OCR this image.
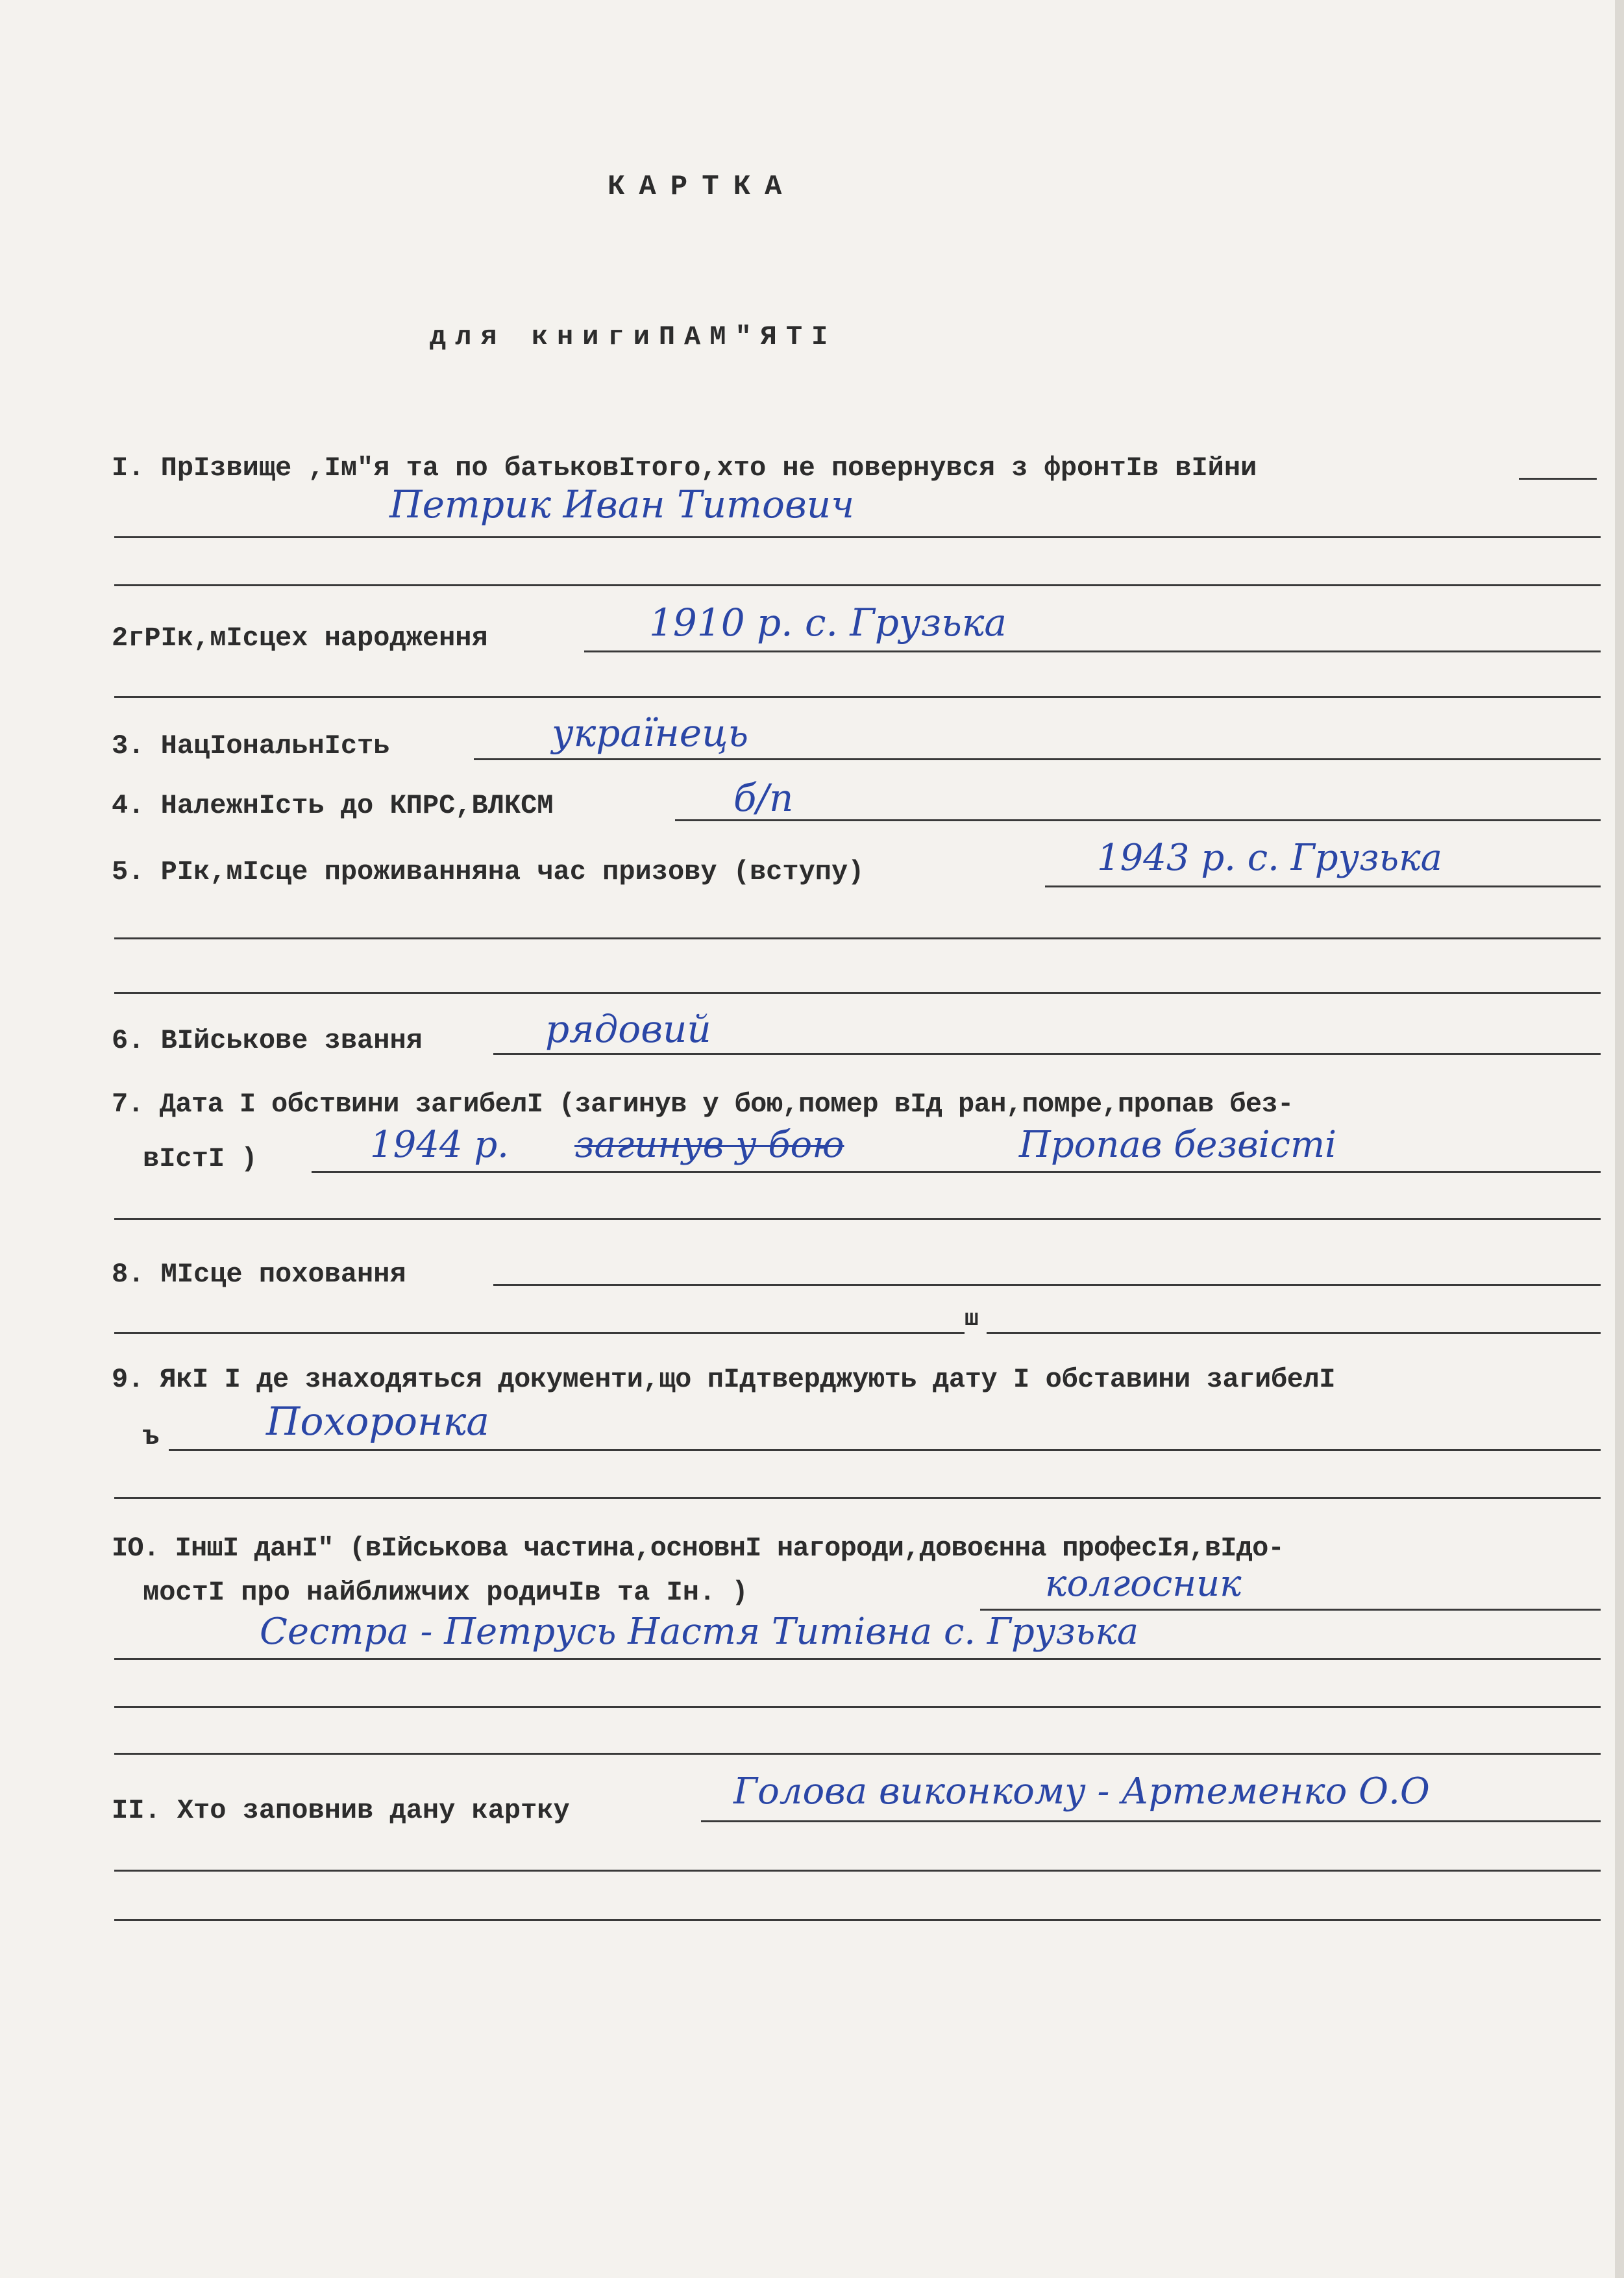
КАРТКА

для книгиПАМ"ЯТІ

І. ПрІзвище ,Ім"я та по батьковІтого,хто не повернувся з фронтІв вІйни

Петрик Иван Титович

2гРІк,мІсцех народження	1910 р. с. Грузька

3. НацІональнІсть	українець

4. НалежнІсть до КПРС,ВЛКСМ	б/п

5. РІк,мІсце проживанняна час призову (вступу)	1943 р. с. Грузька

6. ВІйськове звання	рядовий

7. Дата І обствини загибелІ (загинув у бою,помер вІд ран,помре,пропав без-

вІстІ )	1944 р. загинув у бою	Пропав безвісті

8. МІсце поховання

ш

9. ЯкІ І де знаходяться документи,що пІдтверджують дату І обставини загибелІ

ъ	Похоронка

ІО. ІншІ данІ" (вІйськова частина,основнІ нагороди,довоєнна професІя,вІдо-

мостІ про найближчих родичІв та Ін. )	колгосник

Сестра - Петрусь Настя Титівна с. Грузька

ІІ. Хто заповнив дану картку	Голова виконкому - Артеменко О.О
